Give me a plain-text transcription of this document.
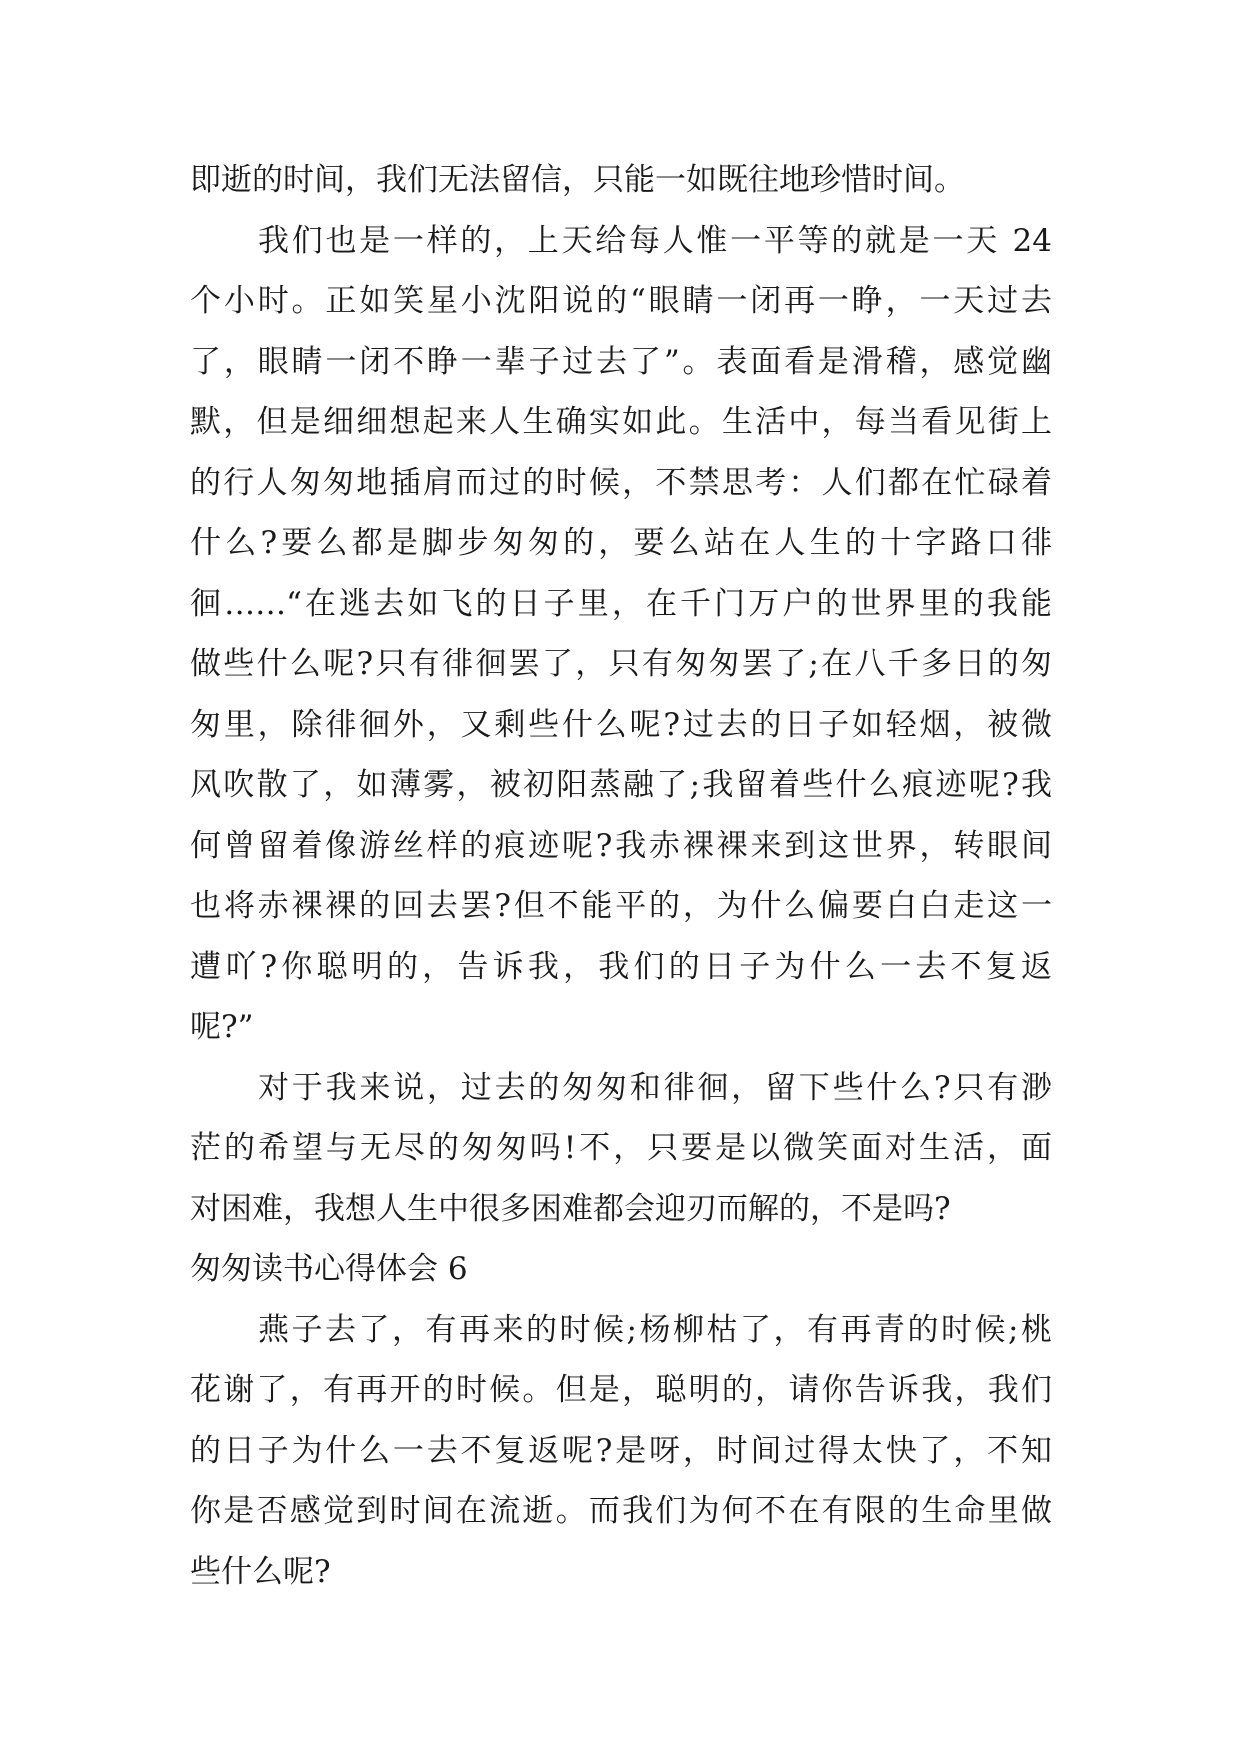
即逝的时间，我们无法留信，只能一如既往地珍惜时间。
我们也是一样的，上天给每人惟一平等的就是一天 24
个小时。正如笑星小沈阳说的“眼睛一闭再一睁，一天过去
了，眼睛一闭不睁一辈子过去了”。表面看是滑稽，感觉幽
默，但是细细想起来人生确实如此。生活中，每当看见街上
的行人匆匆地插肩而过的时候，不禁思考：人们都在忙碌着
什么?要么都是脚步匆匆的，要么站在人生的十字路口徘
徊……“在逃去如飞的日子里，在千门万户的世界里的我能
做些什么呢?只有徘徊罢了，只有匆匆罢了;在八千多日的匆
匆里，除徘徊外，又剩些什么呢?过去的日子如轻烟，被微
风吹散了，如薄雾，被初阳蒸融了;我留着些什么痕迹呢?我
何曾留着像游丝样的痕迹呢?我赤裸裸来到这世界，转眼间
也将赤裸裸的回去罢?但不能平的，为什么偏要白白走这一
遭吖?你聪明的，告诉我，我们的日子为什么一去不复返
呢?”
对于我来说，过去的匆匆和徘徊，留下些什么?只有渺
茫的希望与无尽的匆匆吗!不，只要是以微笑面对生活，面
对困难，我想人生中很多困难都会迎刃而解的，不是吗?
匆匆读书心得体会 6
燕子去了，有再来的时候;杨柳枯了，有再青的时候;桃
花谢了，有再开的时候。但是，聪明的，请你告诉我，我们
的日子为什么一去不复返呢?是呀，时间过得太快了，不知
你是否感觉到时间在流逝。而我们为何不在有限的生命里做
些什么呢?
